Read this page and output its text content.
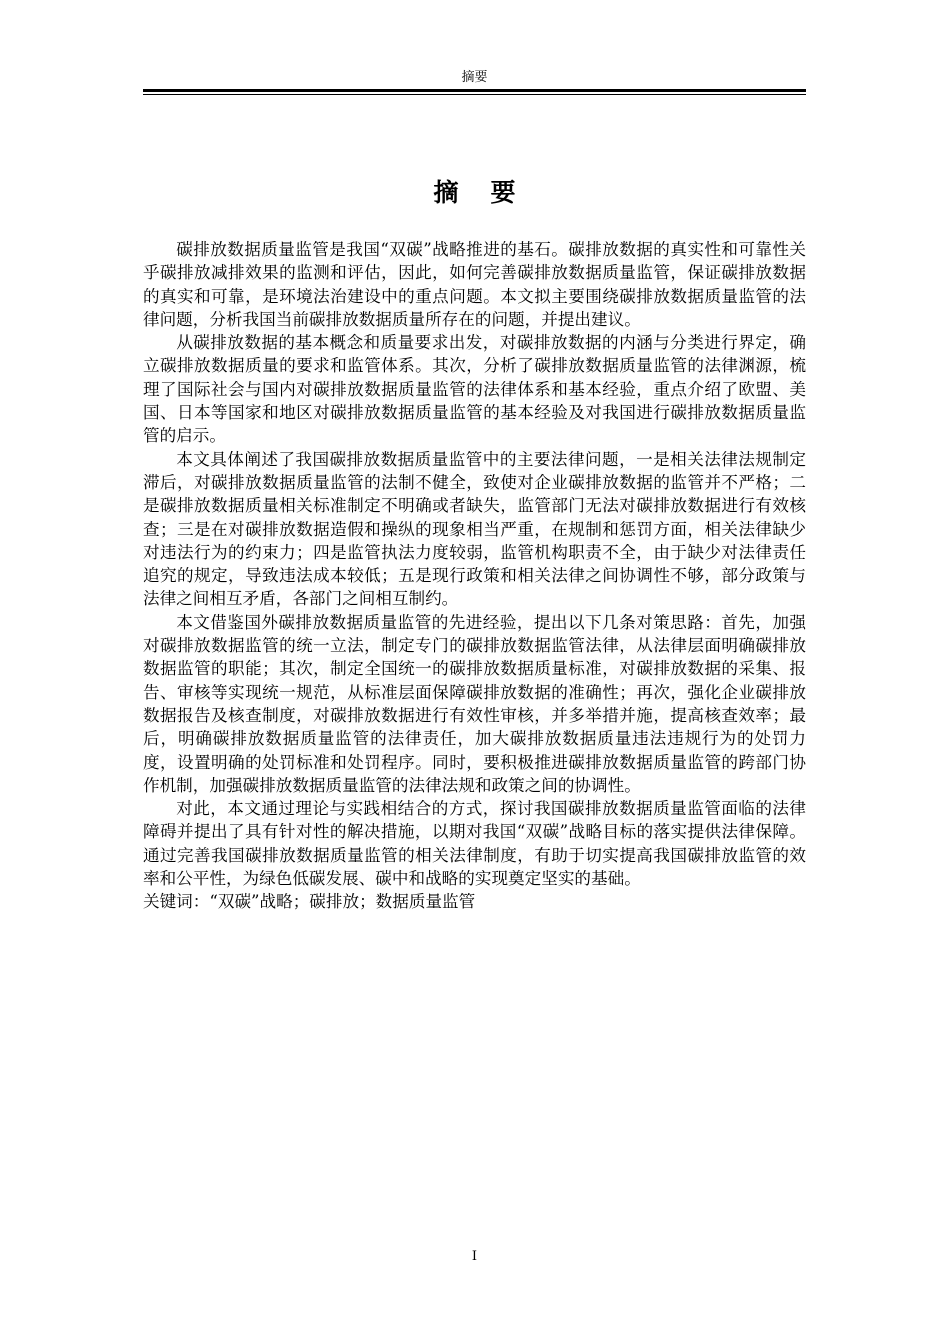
摘要
摘 要

碳排放数据质量监管是我国“双碳”战略推进的基石。碳排放数据的真实性和可靠性关乎碳排放减排效果的监测和评估，因此，如何完善碳排放数据质量监管，保证碳排放数据的真实和可靠，是环境法治建设中的重点问题。本文拟主要围绕碳排放数据质量监管的法律问题，分析我国当前碳排放数据质量所存在的问题，并提出建议。

从碳排放数据的基本概念和质量要求出发，对碳排放数据的内涵与分类进行界定，确立碳排放数据质量的要求和监管体系。其次，分析了碳排放数据质量监管的法律渊源，梳理了国际社会与国内对碳排放数据质量监管的法律体系和基本经验，重点介绍了欧盟、美国、日本等国家和地区对碳排放数据质量监管的基本经验及对我国进行碳排放数据质量监管的启示。

本文具体阐述了我国碳排放数据质量监管中的主要法律问题，一是相关法律法规制定滞后，对碳排放数据质量监管的法制不健全，致使对企业碳排放数据的监管并不严格；二是碳排放数据质量相关标准制定不明确或者缺失，监管部门无法对碳排放数据进行有效核查；三是在对碳排放数据造假和操纵的现象相当严重，在规制和惩罚方面，相关法律缺少对违法行为的约束力；四是监管执法力度较弱，监管机构职责不全，由于缺少对法律责任追究的规定，导致违法成本较低；五是现行政策和相关法律之间协调性不够，部分政策与法律之间相互矛盾，各部门之间相互制约。

本文借鉴国外碳排放数据质量监管的先进经验，提出以下几条对策思路：首先，加强对碳排放数据监管的统一立法，制定专门的碳排放数据监管法律，从法律层面明确碳排放数据监管的职能；其次，制定全国统一的碳排放数据质量标准，对碳排放数据的采集、报告、审核等实现统一规范，从标准层面保障碳排放数据的准确性；再次，强化企业碳排放数据报告及核查制度，对碳排放数据进行有效性审核，并多举措并施，提高核查效率；最后，明确碳排放数据质量监管的法律责任，加大碳排放数据质量违法违规行为的处罚力度，设置明确的处罚标准和处罚程序。同时，要积极推进碳排放数据质量监管的跨部门协作机制，加强碳排放数据质量监管的法律法规和政策之间的协调性。

对此，本文通过理论与实践相结合的方式，探讨我国碳排放数据质量监管面临的法律障碍并提出了具有针对性的解决措施，以期对我国“双碳”战略目标的落实提供法律保障。通过完善我国碳排放数据质量监管的相关法律制度，有助于切实提高我国碳排放监管的效率和公平性，为绿色低碳发展、碳中和战略的实现奠定坚实的基础。

关键词：“双碳”战略；碳排放；数据质量监管
I
